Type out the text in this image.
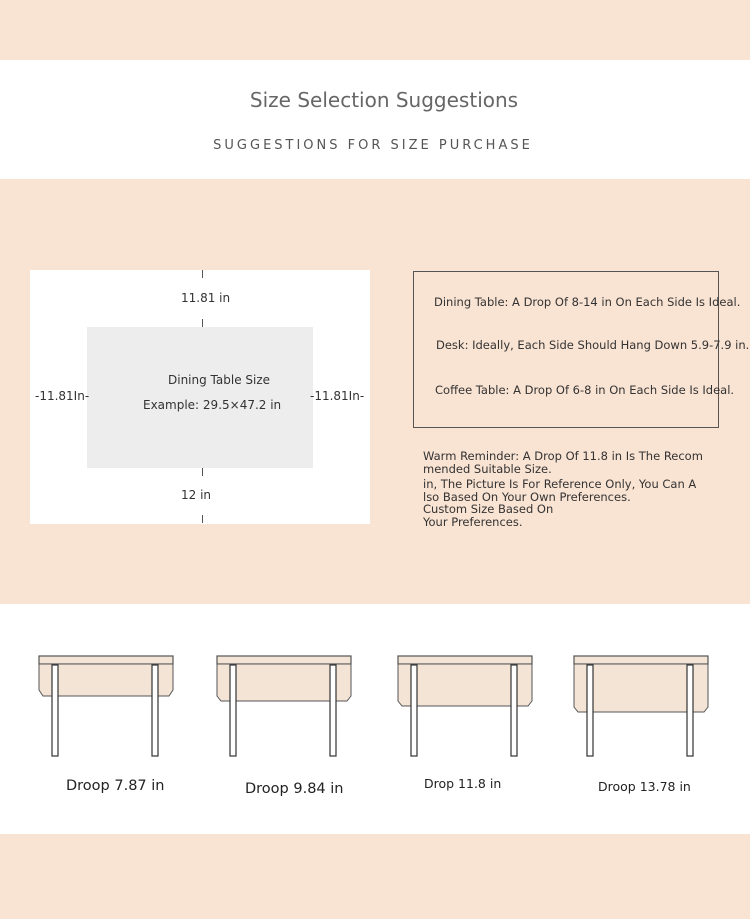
Size Selection Suggestions
SUGGESTIONS FOR SIZE PURCHASE
11.81 in
Dining Table Size
Example: 29.5×47.2 in
-11.81In-	-11.81In-
12 in
Dining Table: A Drop Of 8-14 in On Each Side Is Ideal.
Desk: Ideally, Each Side Should Hang Down 5.9-7.9 in.
Coffee Table: A Drop Of 6-8 in On Each Side Is Ideal.
Warm Reminder: A Drop Of 11.8 in Is The Recom
mended Suitable Size.
in, The Picture Is For Reference Only, You Can A
lso Based On Your Own Preferences.
Custom Size Based On
Your Preferences.
Droop 7.87 in	Droop 9.84 in	Drop 11.8 in	Droop 13.78 in
